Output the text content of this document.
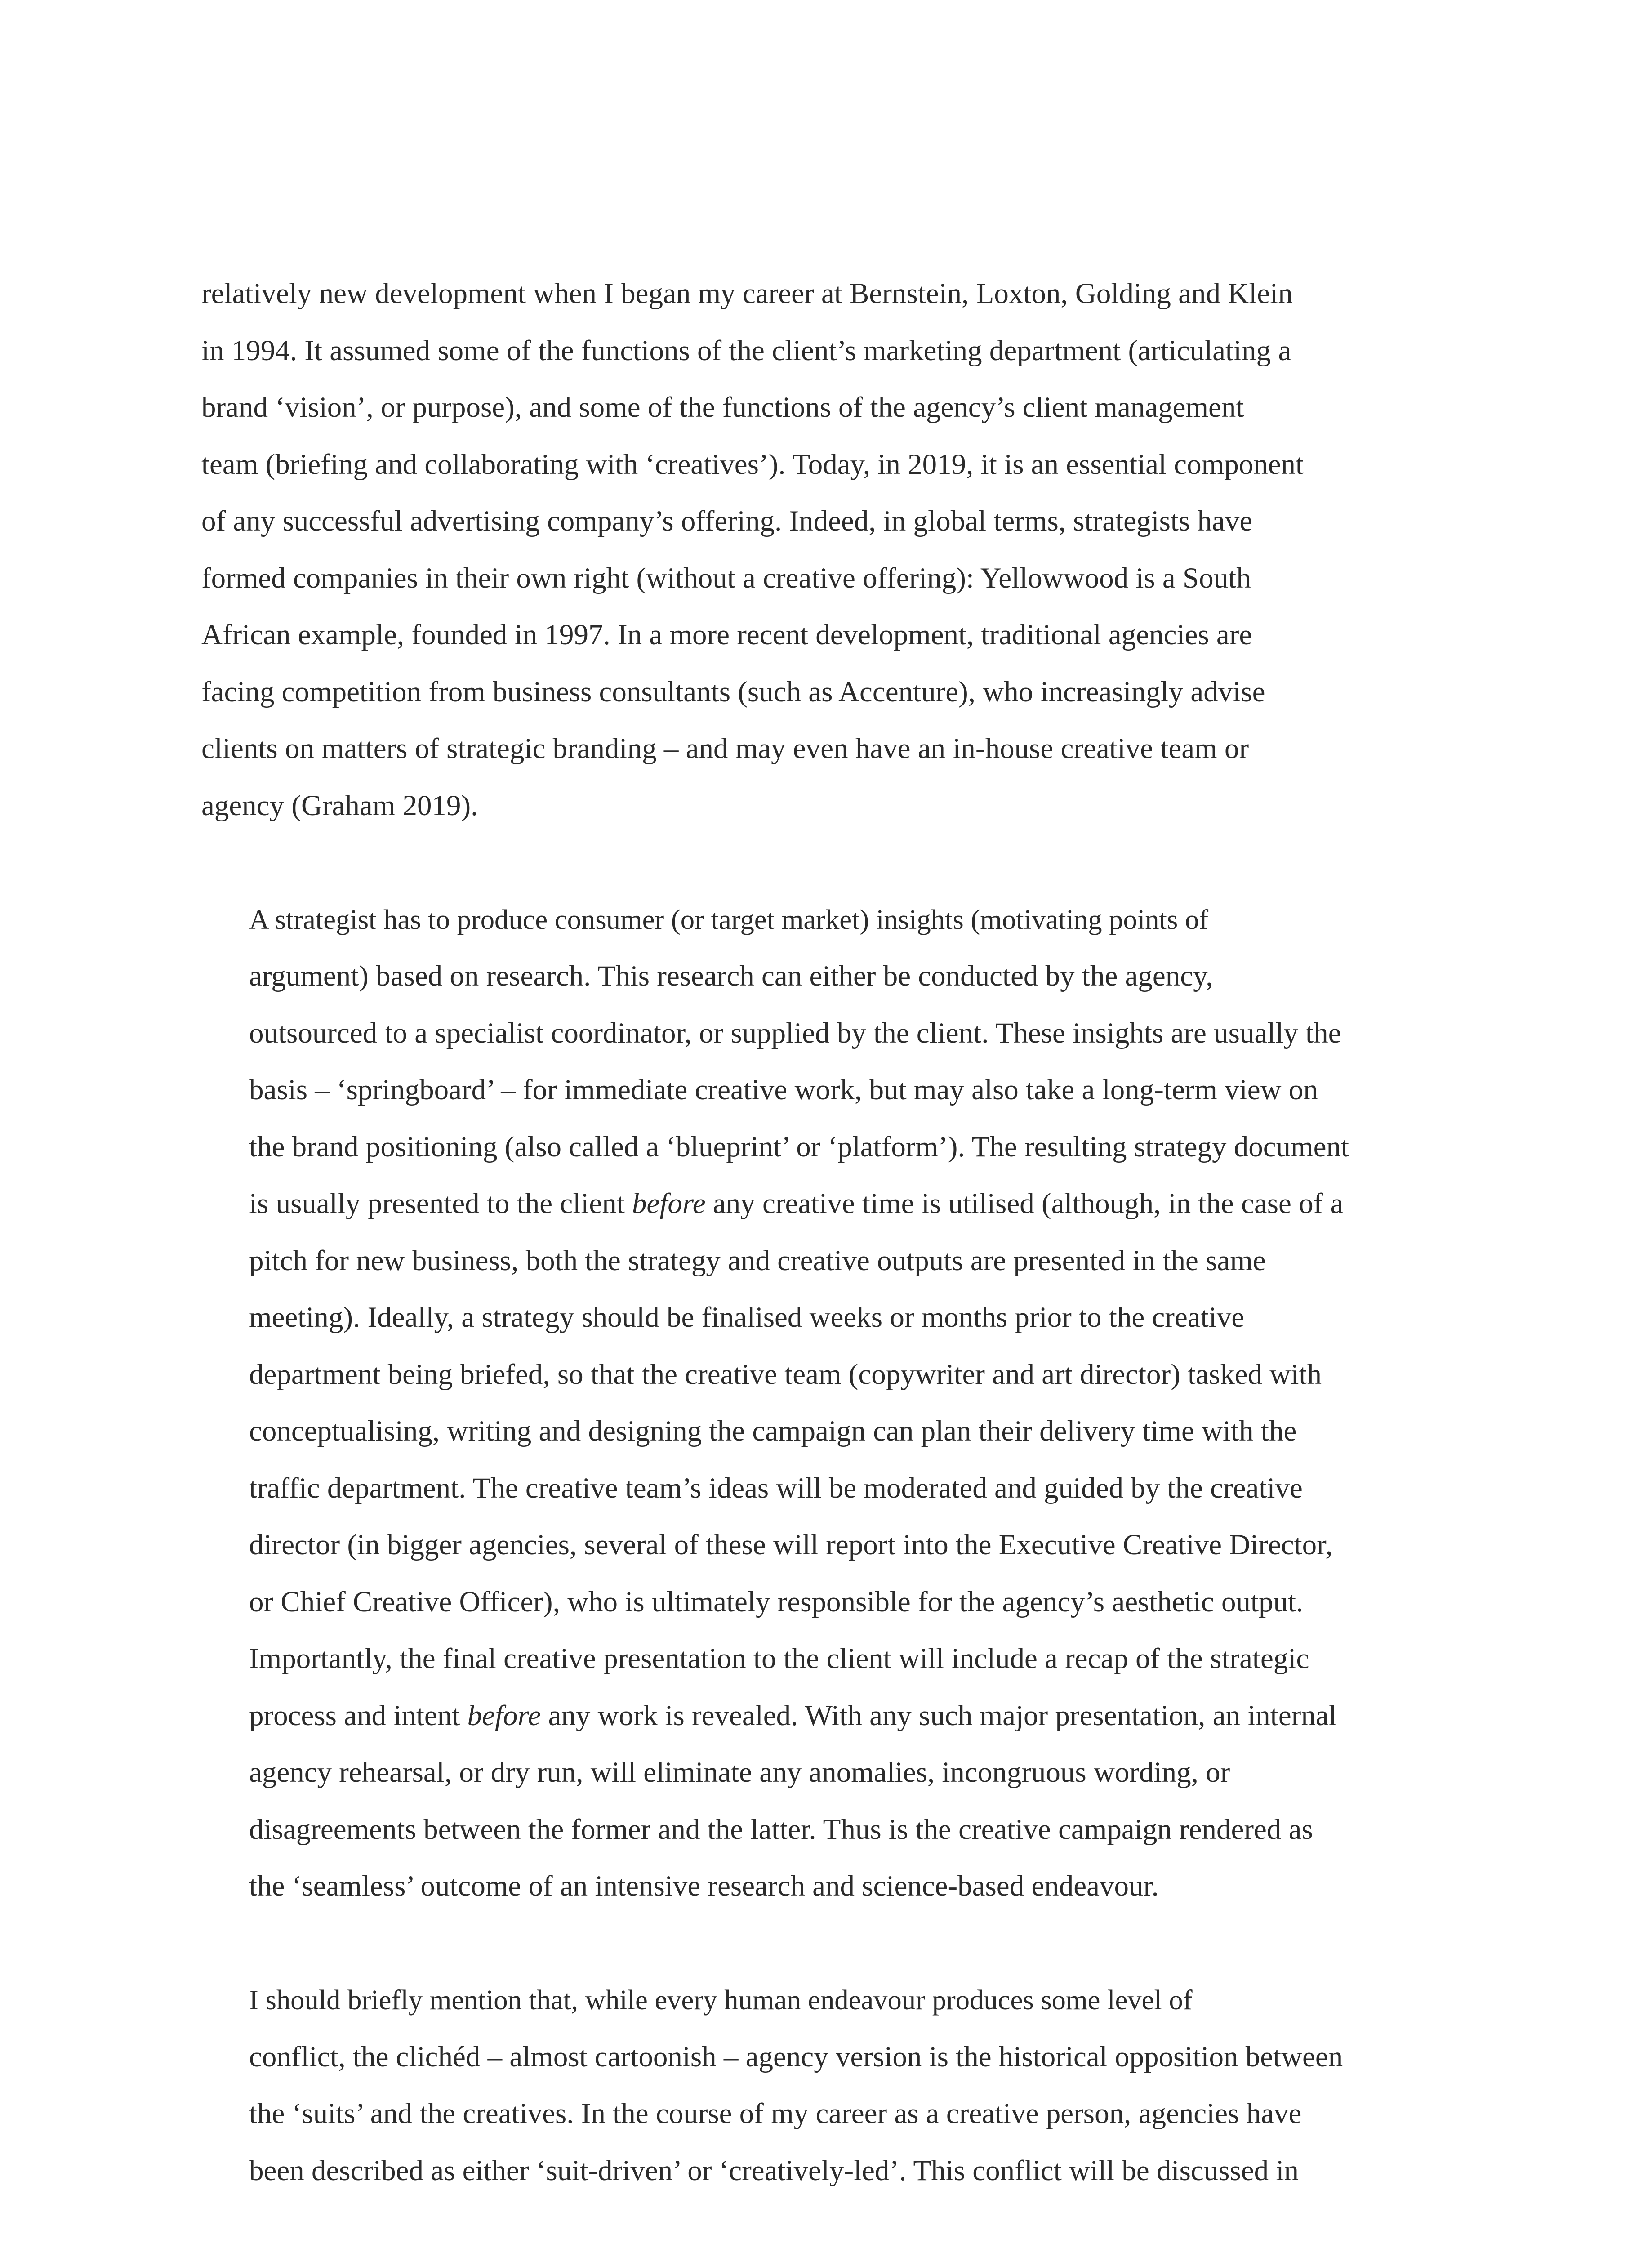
relatively new development when I began my career at Bernstein, Loxton, Golding and Klein
in 1994. It assumed some of the functions of the client’s marketing department (articulating a
brand ‘vision’, or purpose), and some of the functions of the agency’s client management
team (briefing and collaborating with ‘creatives’). Today, in 2019, it is an essential component
of any successful advertising company’s offering. Indeed, in global terms, strategists have
formed companies in their own right (without a creative offering): Yellowwood is a South
African example, founded in 1997. In a more recent development, traditional agencies are
facing competition from business consultants (such as Accenture), who increasingly advise
clients on matters of strategic branding – and may even have an in-house creative team or
agency (Graham 2019).

A strategist has to produce consumer (or target market) insights (motivating points of
argument) based on research. This research can either be conducted by the agency,
outsourced to a specialist coordinator, or supplied by the client. These insights are usually the
basis – ‘springboard’ – for immediate creative work, but may also take a long-term view on
the brand positioning (also called a ‘blueprint’ or ‘platform’). The resulting strategy document
is usually presented to the client before any creative time is utilised (although, in the case of a
pitch for new business, both the strategy and creative outputs are presented in the same
meeting). Ideally, a strategy should be finalised weeks or months prior to the creative
department being briefed, so that the creative team (copywriter and art director) tasked with
conceptualising, writing and designing the campaign can plan their delivery time with the
traffic department. The creative team’s ideas will be moderated and guided by the creative
director (in bigger agencies, several of these will report into the Executive Creative Director,
or Chief Creative Officer), who is ultimately responsible for the agency’s aesthetic output.
Importantly, the final creative presentation to the client will include a recap of the strategic
process and intent before any work is revealed. With any such major presentation, an internal
agency rehearsal, or dry run, will eliminate any anomalies, incongruous wording, or
disagreements between the former and the latter. Thus is the creative campaign rendered as
the ‘seamless’ outcome of an intensive research and science-based endeavour.

I should briefly mention that, while every human endeavour produces some level of
conflict, the clichéd – almost cartoonish – agency version is the historical opposition between
the ‘suits’ and the creatives. In the course of my career as a creative person, agencies have
been described as either ‘suit-driven’ or ‘creatively-led’. This conflict will be discussed in
